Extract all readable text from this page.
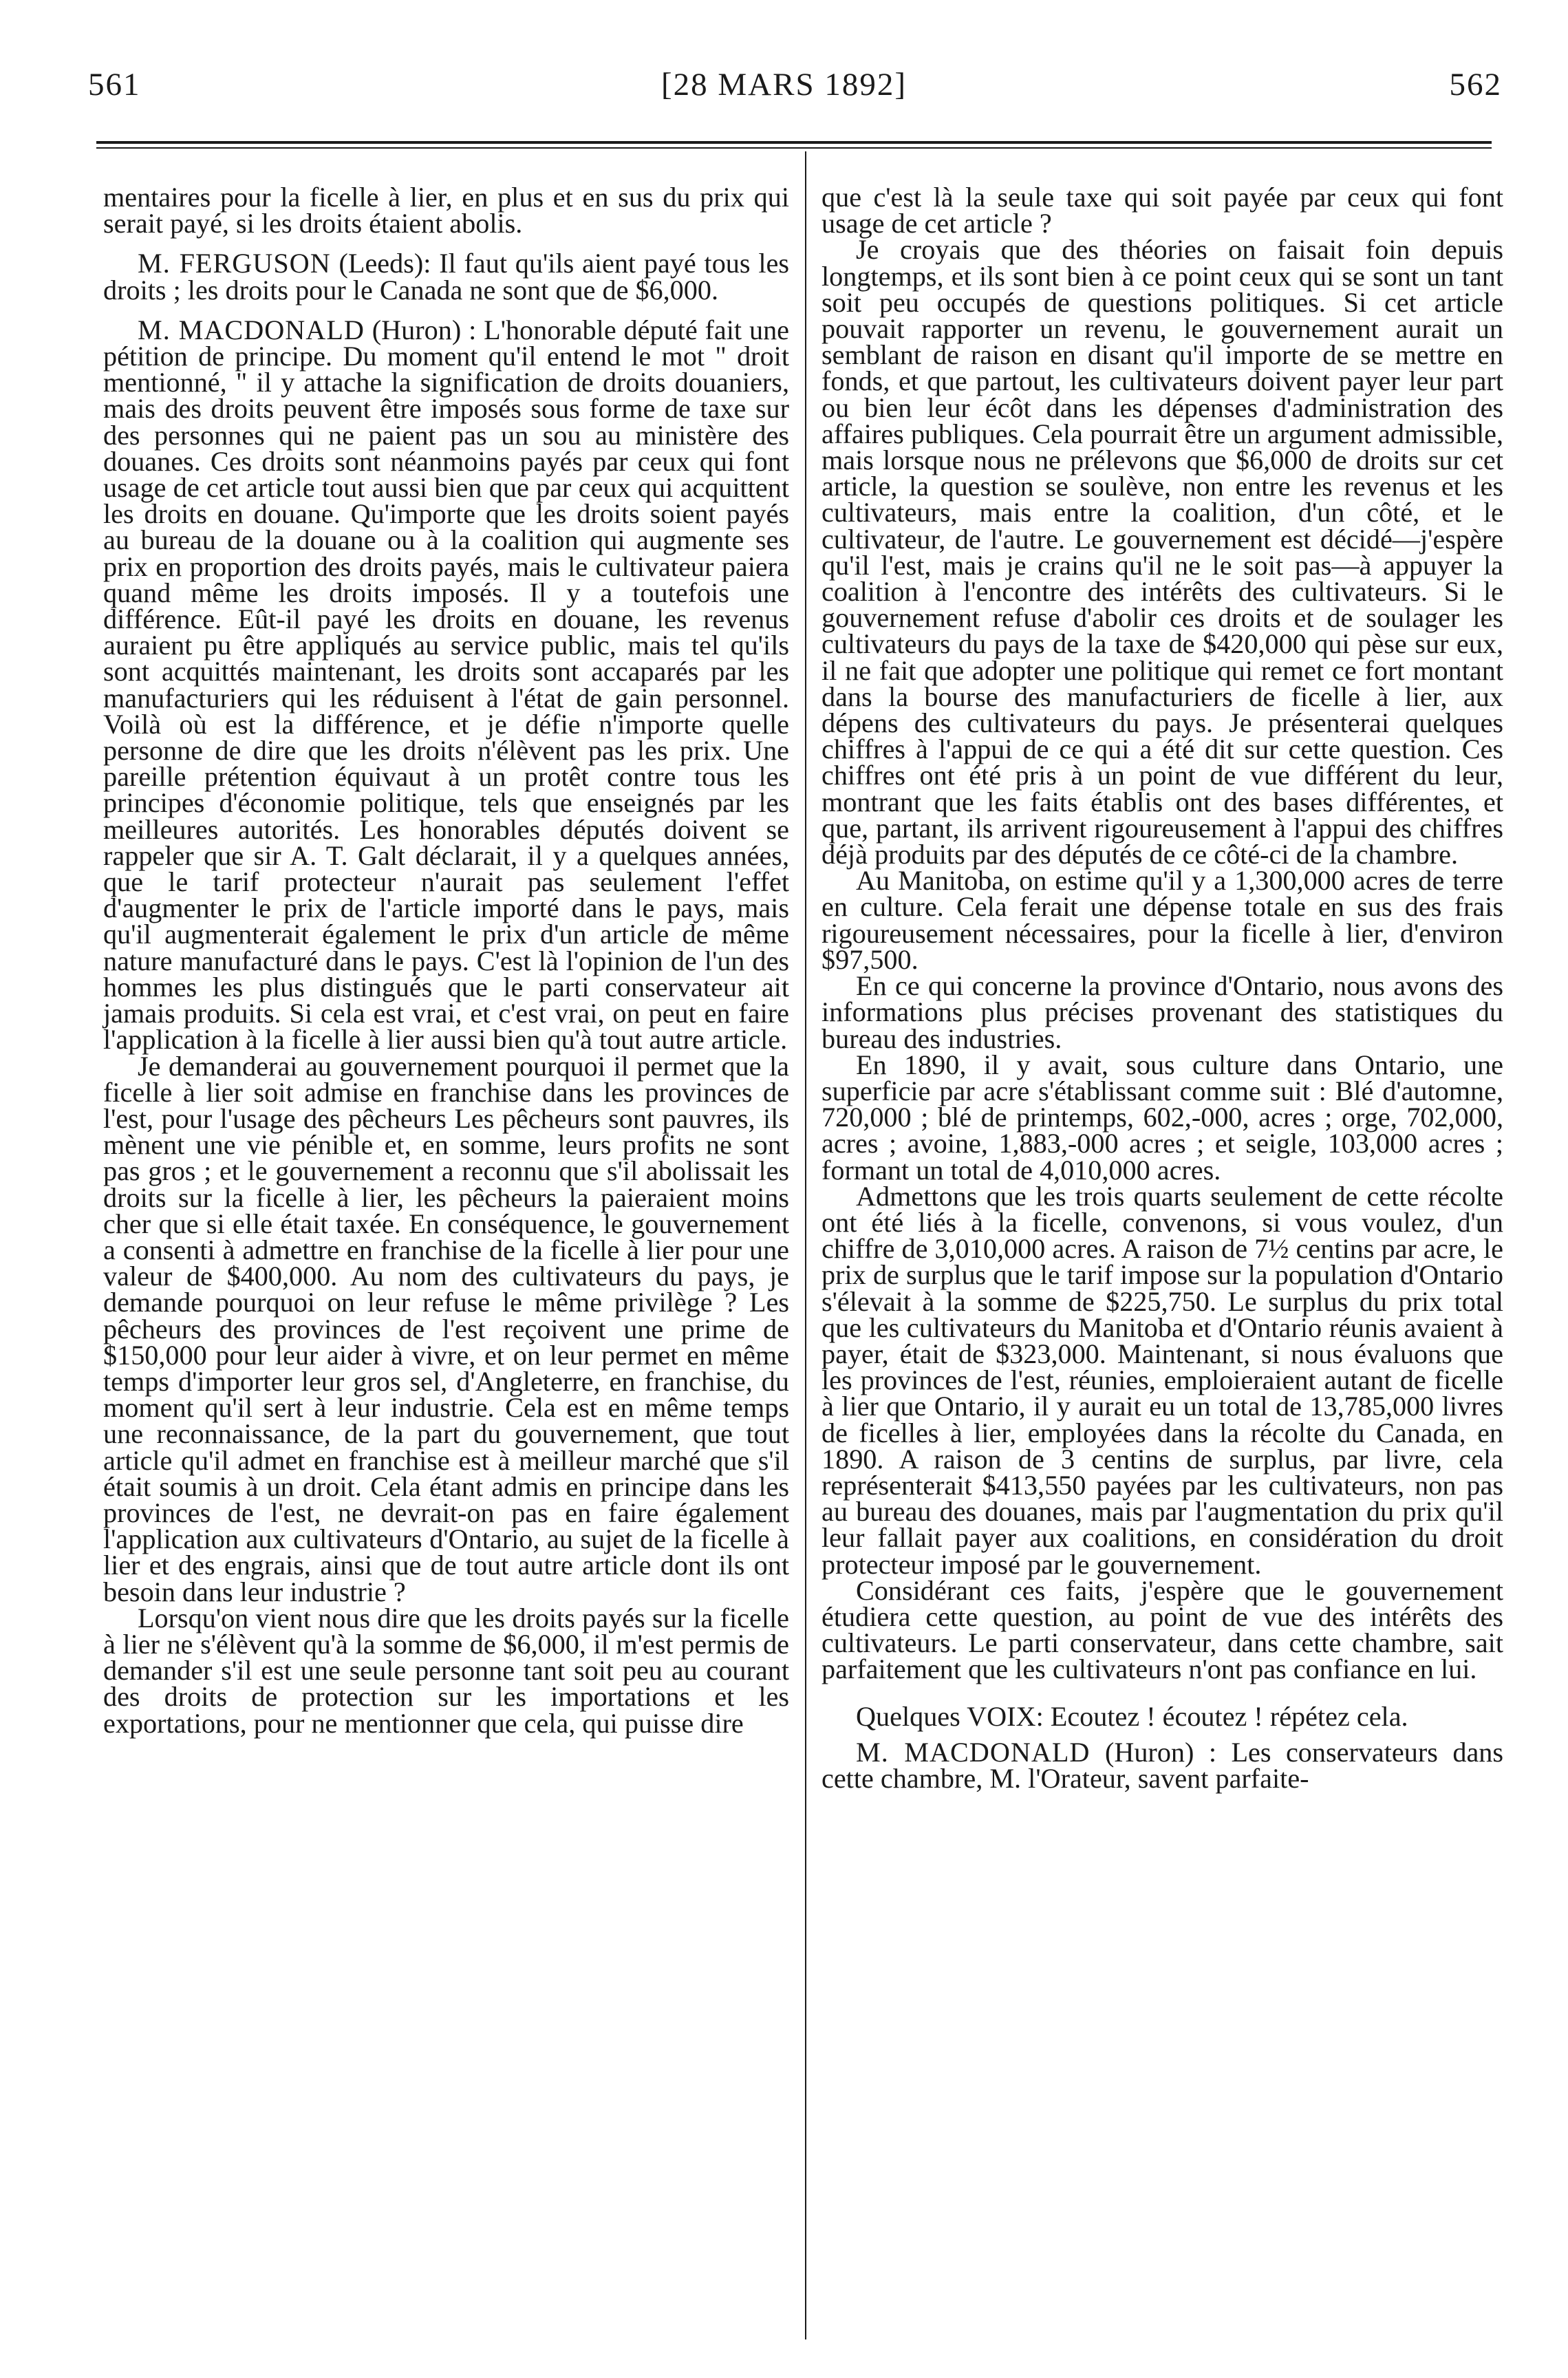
561	[28 MARS 1892]	562

mentaires pour la ficelle à lier, en plus et en sus du prix qui serait payé, si les droits étaient abolis.

M. FERGUSON (Leeds): Il faut qu'ils aient payé tous les droits ; les droits pour le Canada ne sont que de $6,000.

M. MACDONALD (Huron) : L'honorable député fait une pétition de principe. Du moment qu'il entend le mot " droit mentionné, " il y attache la signification de droits douaniers, mais des droits peuvent être imposés sous forme de taxe sur des personnes qui ne paient pas un sou au ministère des douanes. Ces droits sont néanmoins payés par ceux qui font usage de cet article tout aussi bien que par ceux qui acquittent les droits en douane. Qu'importe que les droits soient payés au bureau de la douane ou à la coalition qui augmente ses prix en proportion des droits payés, mais le cultivateur paiera quand même les droits imposés. Il y a toutefois une différence. Eût-il payé les droits en douane, les revenus auraient pu être appliqués au service public, mais tel qu'ils sont acquittés maintenant, les droits sont accaparés par les manufacturiers qui les réduisent à l'état de gain personnel. Voilà où est la différence, et je défie n'importe quelle personne de dire que les droits n'élèvent pas les prix. Une pareille prétention équivaut à un protêt contre tous les principes d'économie politique, tels que enseignés par les meilleures autorités. Les honorables députés doivent se rappeler que sir A. T. Galt déclarait, il y a quelques années, que le tarif protecteur n'aurait pas seulement l'effet d'augmenter le prix de l'article importé dans le pays, mais qu'il augmenterait également le prix d'un article de même nature manufacturé dans le pays. C'est là l'opinion de l'un des hommes les plus distingués que le parti conservateur ait jamais produits. Si cela est vrai, et c'est vrai, on peut en faire l'application à la ficelle à lier aussi bien qu'à tout autre article.

Je demanderai au gouvernement pourquoi il permet que la ficelle à lier soit admise en franchise dans les provinces de l'est, pour l'usage des pêcheurs Les pêcheurs sont pauvres, ils mènent une vie pénible et, en somme, leurs profits ne sont pas gros ; et le gouvernement a reconnu que s'il abolissait les droits sur la ficelle à lier, les pêcheurs la paieraient moins cher que si elle était taxée. En conséquence, le gouvernement a consenti à admettre en franchise de la ficelle à lier pour une valeur de $400,000. Au nom des cultivateurs du pays, je demande pourquoi on leur refuse le même privilège ? Les pêcheurs des provinces de l'est reçoivent une prime de $150,000 pour leur aider à vivre, et on leur permet en même temps d'importer leur gros sel, d'Angleterre, en franchise, du moment qu'il sert à leur industrie. Cela est en même temps une reconnaissance, de la part du gouvernement, que tout article qu'il admet en franchise est à meilleur marché que s'il était soumis à un droit. Cela étant admis en principe dans les provinces de l'est, ne devrait-on pas en faire également l'application aux cultivateurs d'Ontario, au sujet de la ficelle à lier et des engrais, ainsi que de tout autre article dont ils ont besoin dans leur industrie ?

Lorsqu'on vient nous dire que les droits payés sur la ficelle à lier ne s'élèvent qu'à la somme de $6,000, il m'est permis de demander s'il est une seule personne tant soit peu au courant des droits de protection sur les importations et les exportations, pour ne mentionner que cela, qui puisse dire

que c'est là la seule taxe qui soit payée par ceux qui font usage de cet article ?

Je croyais que des théories on faisait foin depuis longtemps, et ils sont bien à ce point ceux qui se sont un tant soit peu occupés de questions politiques. Si cet article pouvait rapporter un revenu, le gouvernement aurait un semblant de raison en disant qu'il importe de se mettre en fonds, et que partout, les cultivateurs doivent payer leur part ou bien leur écôt dans les dépenses d'administration des affaires publiques. Cela pourrait être un argument admissible, mais lorsque nous ne prélevons que $6,000 de droits sur cet article, la question se soulève, non entre les revenus et les cultivateurs, mais entre la coalition, d'un côté, et le cultivateur, de l'autre. Le gouvernement est décidé—j'espère qu'il l'est, mais je crains qu'il ne le soit pas—à appuyer la coalition à l'encontre des intérêts des cultivateurs. Si le gouvernement refuse d'abolir ces droits et de soulager les cultivateurs du pays de la taxe de $420,000 qui pèse sur eux, il ne fait que adopter une politique qui remet ce fort montant dans la bourse des manufacturiers de ficelle à lier, aux dépens des cultivateurs du pays. Je présenterai quelques chiffres à l'appui de ce qui a été dit sur cette question. Ces chiffres ont été pris à un point de vue différent du leur, montrant que les faits établis ont des bases différentes, et que, partant, ils arrivent rigoureusement à l'appui des chiffres déjà produits par des députés de ce côté-ci de la chambre.

Au Manitoba, on estime qu'il y a 1,300,000 acres de terre en culture. Cela ferait une dépense totale en sus des frais rigoureusement nécessaires, pour la ficelle à lier, d'environ $97,500.

En ce qui concerne la province d'Ontario, nous avons des informations plus précises provenant des statistiques du bureau des industries.

En 1890, il y avait, sous culture dans Ontario, une superficie par acre s'établissant comme suit : Blé d'automne, 720,000 ; blé de printemps, 602,-000, acres ; orge, 702,000, acres ; avoine, 1,883,-000 acres ; et seigle, 103,000 acres ; formant un total de 4,010,000 acres.

Admettons que les trois quarts seulement de cette récolte ont été liés à la ficelle, convenons, si vous voulez, d'un chiffre de 3,010,000 acres. A raison de 7½ centins par acre, le prix de surplus que le tarif impose sur la population d'Ontario s'élevait à la somme de $225,750. Le surplus du prix total que les cultivateurs du Manitoba et d'Ontario réunis avaient à payer, était de $323,000. Maintenant, si nous évaluons que les provinces de l'est, réunies, emploieraient autant de ficelle à lier que Ontario, il y aurait eu un total de 13,785,000 livres de ficelles à lier, employées dans la récolte du Canada, en 1890. A raison de 3 centins de surplus, par livre, cela représenterait $413,550 payées par les cultivateurs, non pas au bureau des douanes, mais par l'augmentation du prix qu'il leur fallait payer aux coalitions, en considération du droit protecteur imposé par le gouvernement.

Considérant ces faits, j'espère que le gouvernement étudiera cette question, au point de vue des intérêts des cultivateurs. Le parti conservateur, dans cette chambre, sait parfaitement que les cultivateurs n'ont pas confiance en lui.

Quelques VOIX: Ecoutez ! écoutez ! répétez cela.

M. MACDONALD (Huron) : Les conservateurs dans cette chambre, M. l'Orateur, savent parfaite-
